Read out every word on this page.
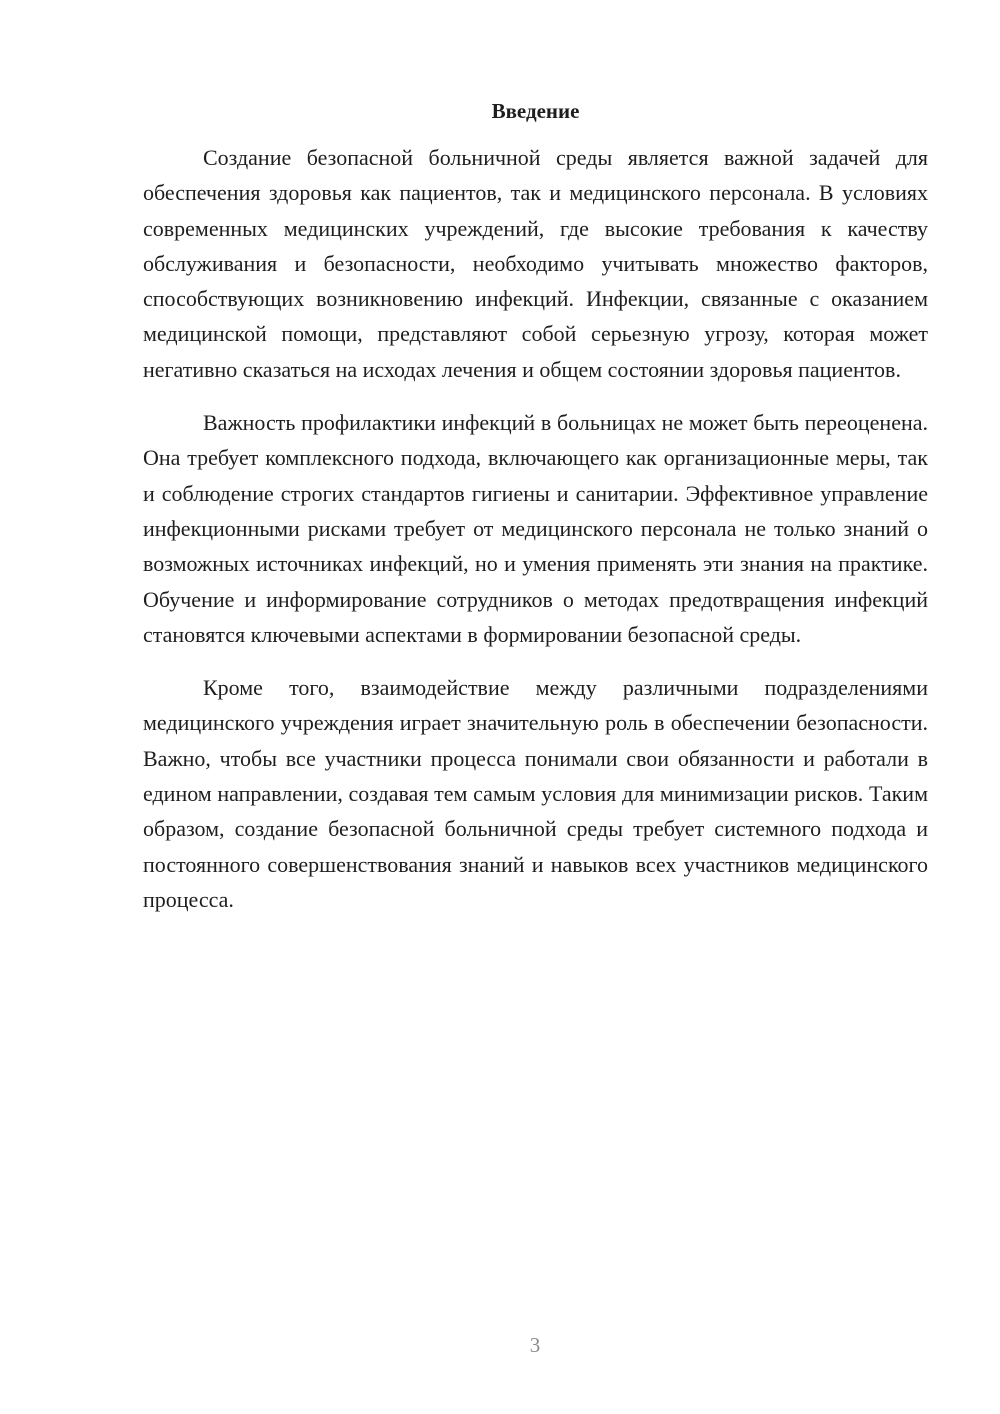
Введение

Создание безопасной больничной среды является важной задачей для обеспечения здоровья как пациентов, так и медицинского персонала. В условиях современных медицинских учреждений, где высокие требования к качеству обслуживания и безопасности, необходимо учитывать множество факторов, способствующих возникновению инфекций. Инфекции, связанные с оказанием медицинской помощи, представляют собой серьезную угрозу, которая может негативно сказаться на исходах лечения и общем состоянии здоровья пациентов.

Важность профилактики инфекций в больницах не может быть переоценена. Она требует комплексного подхода, включающего как организационные меры, так и соблюдение строгих стандартов гигиены и санитарии. Эффективное управление инфекционными рисками требует от медицинского персонала не только знаний о возможных источниках инфекций, но и умения применять эти знания на практике. Обучение и информирование сотрудников о методах предотвращения инфекций становятся ключевыми аспектами в формировании безопасной среды.

Кроме того, взаимодействие между различными подразделениями медицинского учреждения играет значительную роль в обеспечении безопасности. Важно, чтобы все участники процесса понимали свои обязанности и работали в едином направлении, создавая тем самым условия для минимизации рисков. Таким образом, создание безопасной больничной среды требует системного подхода и постоянного совершенствования знаний и навыков всех участников медицинского процесса.

3
